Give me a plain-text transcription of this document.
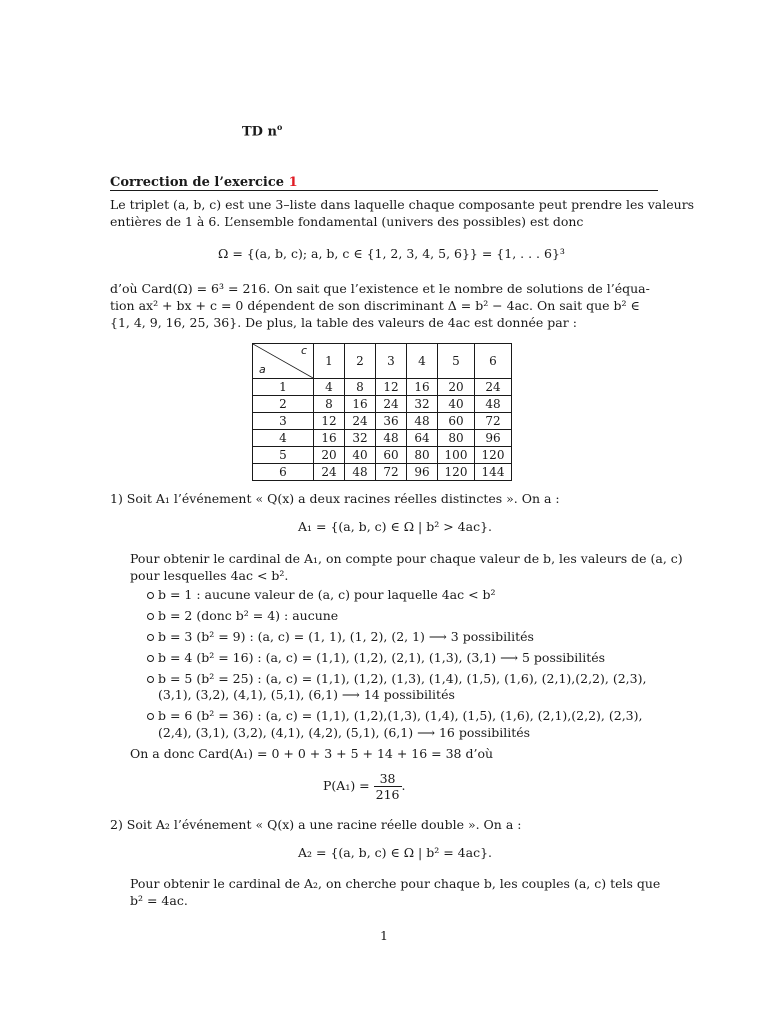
TD $n^o$
Correction de l’exercice 1
Le triplet (a, b, c) est une 3–liste dans laquelle chaque composante peut prendre les valeurs
entières de 1 à 6. L’ensemble fondamental (univers des possibles) est donc
Ω = {(a, b, c); a, b, c ∈ {1, 2, 3, 4, 5, 6}} = {1, . . . 6}³
d’où Card(Ω) = 6³ = 216. On sait que l’existence et le nombre de solutions de l’équa-
tion ax² + bx + c = 0 dépendent de son discriminant Δ = b² − 4ac. On sait que b² ∈
{1, 4, 9, 16, 25, 36}. De plus, la table des valeurs de 4ac est donnée par :
c
a	1	2	3	4	5	6
1	4	8	12	16	20	24
2	8	16	24	32	40	48
3	12	24	36	48	60	72
4	16	32	48	64	80	96
5	20	40	60	80	100	120
6	24	48	72	96	120	144
1) Soit A₁ l’événement « Q(x) a deux racines réelles distinctes ». On a :
A₁ = {(a, b, c) ∈ Ω | b² > 4ac}.
Pour obtenir le cardinal de A₁, on compte pour chaque valeur de b, les valeurs de (a, c)
pour lesquelles 4ac < b².
b = 1 : aucune valeur de (a, c) pour laquelle 4ac < b²
b = 2 (donc b² = 4) : aucune
b = 3 (b² = 9) : (a, c) = (1, 1), (1, 2), (2, 1) ⟶ 3 possibilités
b = 4 (b² = 16) : (a, c) = (1,1), (1,2), (2,1), (1,3), (3,1) ⟶ 5 possibilités
b = 5 (b² = 25) : (a, c) = (1,1), (1,2), (1,3), (1,4), (1,5), (1,6), (2,1),(2,2), (2,3),
(3,1), (3,2), (4,1), (5,1), (6,1) ⟶ 14 possibilités
b = 6 (b² = 36) : (a, c) = (1,1), (1,2),(1,3), (1,4), (1,5), (1,6), (2,1),(2,2), (2,3),
(2,4), (3,1), (3,2), (4,1), (4,2), (5,1), (6,1) ⟶ 16 possibilités
On a donc Card(A₁) = 0 + 0 + 3 + 5 + 14 + 16 = 38 d’où
$P(A_1) = \frac{38}{216}$ .
2) Soit A₂ l’événement « Q(x) a une racine réelle double ». On a :
A₂ = {(a, b, c) ∈ Ω | b² = 4ac}.
Pour obtenir le cardinal de A₂, on cherche pour chaque b, les couples (a, c) tels que
b² = 4ac.
1
